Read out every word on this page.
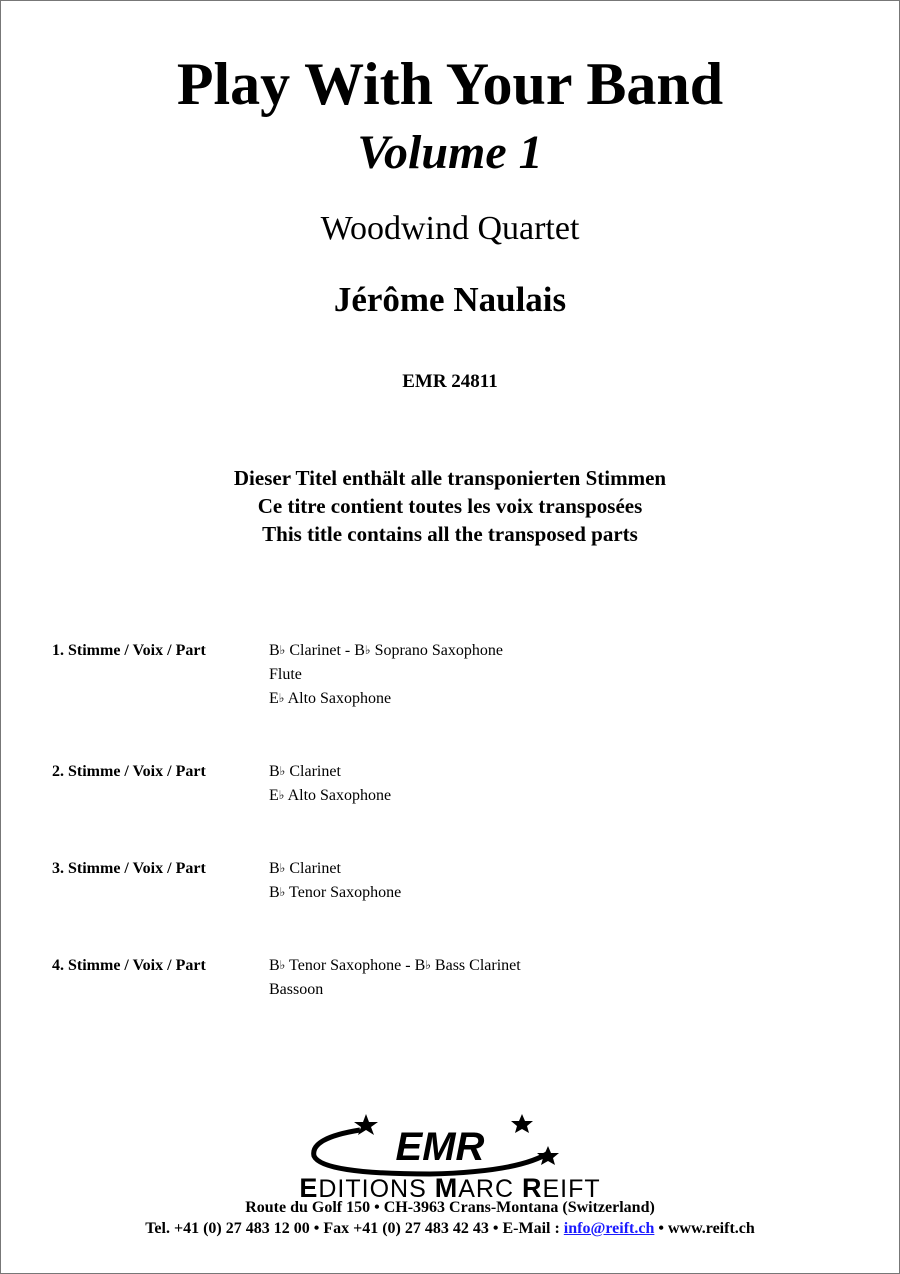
Play With Your Band
Volume 1
Woodwind Quartet
Jérôme Naulais
EMR 24811
Dieser Titel enthält alle transponierten Stimmen
Ce titre contient toutes les voix transposées
This title contains all the transposed parts
1. Stimme / Voix / Part	B♭ Clarinet - B♭ Soprano Saxophone
Flute
E♭ Alto Saxophone
2. Stimme / Voix / Part	B♭ Clarinet
E♭ Alto Saxophone
3. Stimme / Voix / Part	B♭ Clarinet
B♭ Tenor Saxophone
4. Stimme / Voix / Part	B♭ Tenor Saxophone - B♭ Bass Clarinet
Bassoon
EMR
EDITIONS MARC REIFT
Route du Golf 150 • CH-3963 Crans-Montana (Switzerland)
Tel. +41 (0) 27 483 12 00 • Fax +41 (0) 27 483 42 43 • E-Mail : info@reift.ch • www.reift.ch
